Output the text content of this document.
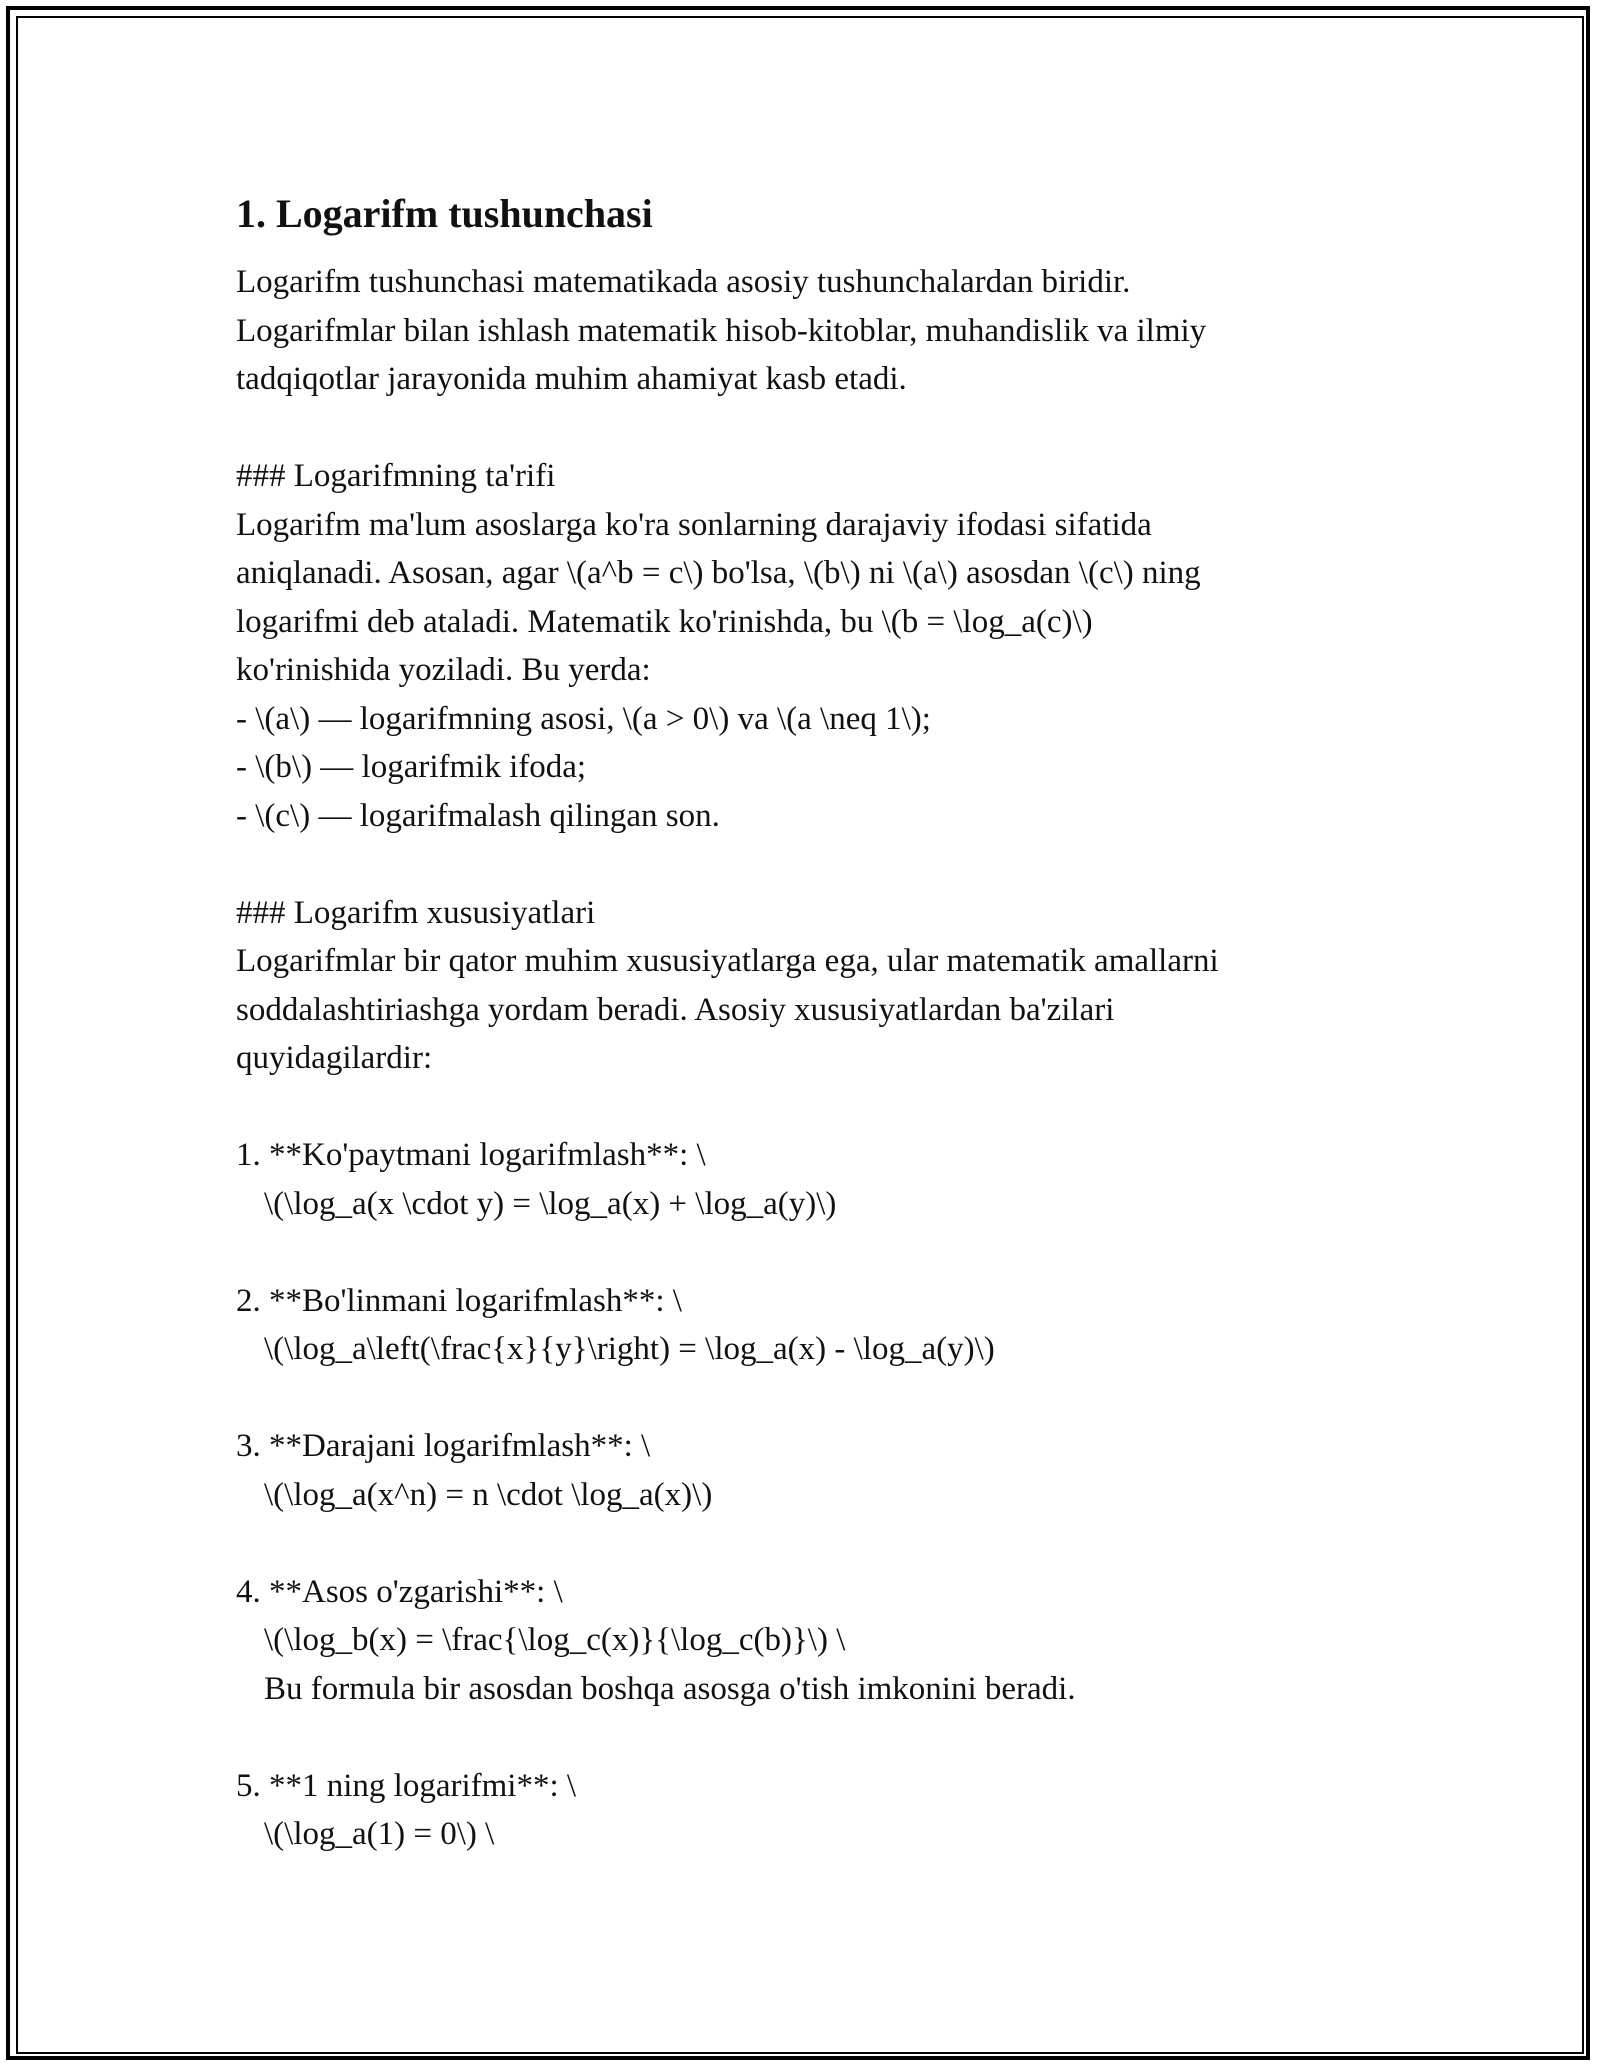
1. Logarifm tushunchasi

Logarifm tushunchasi matematikada asosiy tushunchalardan biridir.

Logarifmlar bilan ishlash matematik hisob-kitoblar, muhandislik va ilmiy

tadqiqotlar jarayonida muhim ahamiyat kasb etadi.

### Logarifmning ta'rifi

Logarifm ma'lum asoslarga ko'ra sonlarning darajaviy ifodasi sifatida

aniqlanadi. Asosan, agar \(a^b = c\) bo'lsa, \(b\) ni \(a\) asosdan \(c\) ning

logarifmi deb ataladi. Matematik ko'rinishda, bu \(b = \log_a(c)\)

ko'rinishida yoziladi. Bu yerda:

- \(a\) — logarifmning asosi, \(a > 0\) va \(a \neq 1\);

- \(b\) — logarifmik ifoda;

- \(c\) — logarifmalash qilingan son.

### Logarifm xususiyatlari

Logarifmlar bir qator muhim xususiyatlarga ega, ular matematik amallarni

soddalashtiriashga yordam beradi. Asosiy xususiyatlardan ba'zilari

quyidagilardir:

1. **Ko'paytmani logarifmlash**: \

\(\log_a(x \cdot y) = \log_a(x) + \log_a(y)\)

2. **Bo'linmani logarifmlash**: \

\(\log_a\left(\frac{x}{y}\right) = \log_a(x) - \log_a(y)\)

3. **Darajani logarifmlash**: \

\(\log_a(x^n) = n \cdot \log_a(x)\)

4. **Asos o'zgarishi**: \

\(\log_b(x) = \frac{\log_c(x)}{\log_c(b)}\) \

Bu formula bir asosdan boshqa asosga o'tish imkonini beradi.

5. **1 ning logarifmi**: \

\(\log_a(1) = 0\) \
